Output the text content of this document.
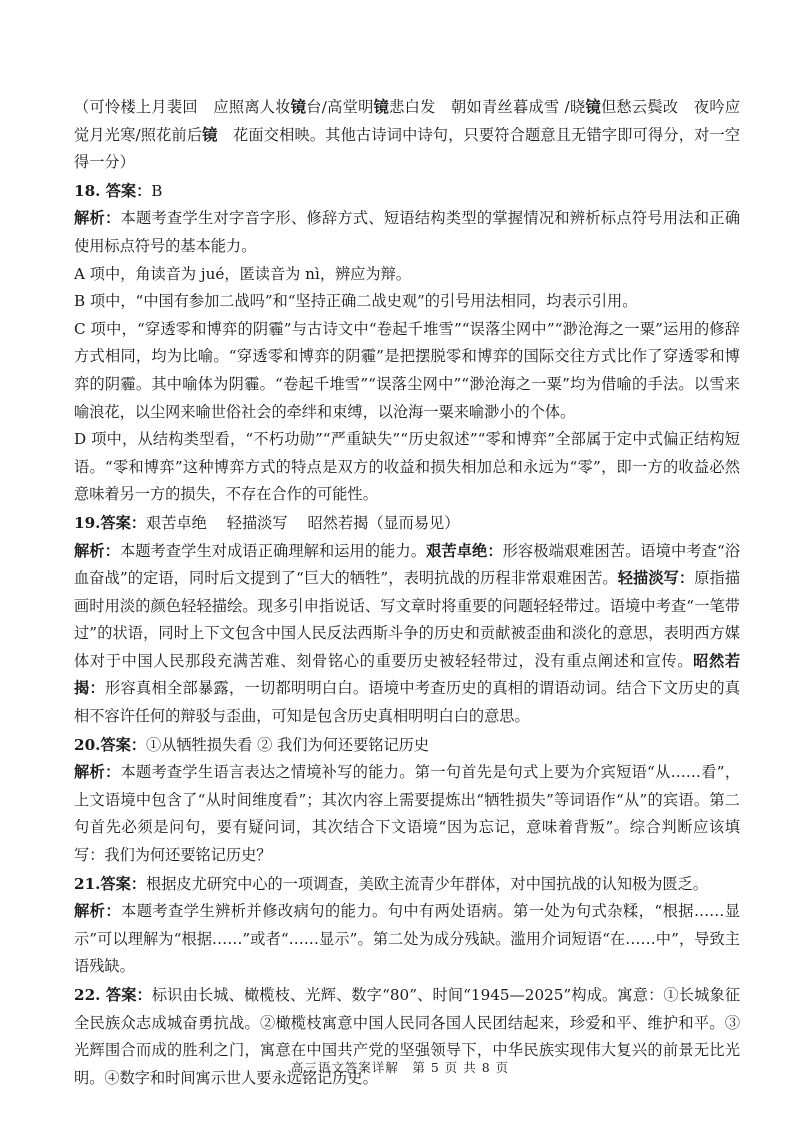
（可怜楼上月裴回　应照离人妆镜台/高堂明镜悲白发　朝如青丝暮成雪 /晓镜但愁云鬓改　夜吟应觉月光寒/照花前后镜　花面交相映。其他古诗词中诗句，只要符合题意且无错字即可得分，对一空得一分）

18. 答案：B

解析：本题考查学生对字音字形、修辞方式、短语结构类型的掌握情况和辨析标点符号用法和正确使用标点符号的基本能力。

A 项中，角读音为 jué，匿读音为 nì，辨应为辩。

B 项中，“中国有参加二战吗”和“坚持正确二战史观”的引号用法相同，均表示引用。

C 项中，“穿透零和博弈的阴霾”与古诗文中“卷起千堆雪”“误落尘网中”“渺沧海之一粟”运用的修辞方式相同，均为比喻。“穿透零和博弈的阴霾”是把摆脱零和博弈的国际交往方式比作了穿透零和博弈的阴霾。其中喻体为阴霾。“卷起千堆雪”“误落尘网中”“渺沧海之一粟”均为借喻的手法。以雪来喻浪花，以尘网来喻世俗社会的牵绊和束缚，以沧海一粟来喻渺小的个体。

D 项中，从结构类型看，“不朽功勋”“严重缺失”“历史叙述”“零和博弈”全部属于定中式偏正结构短语。“零和博弈”这种博弈方式的特点是双方的收益和损失相加总和永远为“零”，即一方的收益必然意味着另一方的损失，不存在合作的可能性。

19.答案：艰苦卓绝　 轻描淡写　 昭然若揭（显而易见）

解析：本题考查学生对成语正确理解和运用的能力。艰苦卓绝：形容极端艰难困苦。语境中考查“浴血奋战”的定语，同时后文提到了“巨大的牺牲”，表明抗战的历程非常艰难困苦。轻描淡写：原指描画时用淡的颜色轻轻描绘。现多引申指说话、写文章时将重要的问题轻轻带过。语境中考查“一笔带过”的状语，同时上下文包含中国人民反法西斯斗争的历史和贡献被歪曲和淡化的意思，表明西方媒体对于中国人民那段充满苦难、刻骨铭心的重要历史被轻轻带过，没有重点阐述和宣传。昭然若揭：形容真相全部暴露，一切都明明白白。语境中考查历史的真相的谓语动词。结合下文历史的真相不容许任何的辩驳与歪曲，可知是包含历史真相明明白白的意思。

20.答案：①从牺牲损失看 ② 我们为何还要铭记历史

解析：本题考查学生语言表达之情境补写的能力。第一句首先是句式上要为介宾短语“从……看”，上文语境中包含了“从时间维度看”；其次内容上需要提炼出“牺牲损失”等词语作“从”的宾语。第二句首先必须是问句，要有疑问词，其次结合下文语境“因为忘记，意味着背叛”。综合判断应该填写：我们为何还要铭记历史？

21.答案：根据皮尤研究中心的一项调查，美欧主流青少年群体，对中国抗战的认知极为匮乏。

解析：本题考查学生辨析并修改病句的能力。句中有两处语病。第一处为句式杂糅，“根据……显示”可以理解为“根据……”或者“……显示”。第二处为成分残缺。滥用介词短语“在……中”，导致主语残缺。

22. 答案：标识由长城、橄榄枝、光辉、数字“80”、时间“1945—2025”构成。寓意：①长城象征全民族众志成城奋勇抗战。②橄榄枝寓意中国人民同各国人民团结起来，珍爱和平、维护和平。③光辉围合而成的胜利之门，寓意在中国共产党的坚强领导下，中华民族实现伟大复兴的前景无比光明。④数字和时间寓示世人要永远铭记历史。

高三语文答案详解　第 5 页 共 8 页
